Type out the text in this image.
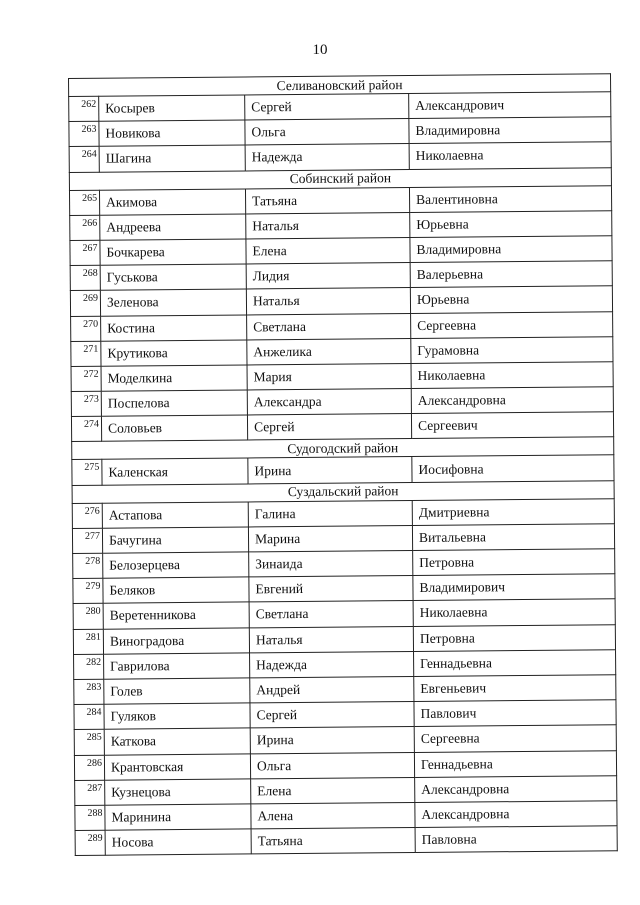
10
Селивановский район			
262	Косырев	Сергей	Александрович
263	Новикова	Ольга	Владимировна
264	Шагина	Надежда	Николаевна
Собинский район			
265	Акимова	Татьяна	Валентиновна
266	Андреева	Наталья	Юрьевна
267	Бочкарева	Елена	Владимировна
268	Гуськова	Лидия	Валерьевна
269	Зеленова	Наталья	Юрьевна
270	Костина	Светлана	Сергеевна
271	Крутикова	Анжелика	Гурамовна
272	Моделкина	Мария	Николаевна
273	Поспелова	Александра	Александровна
274	Соловьев	Сергей	Сергеевич
Судогодский район			
275	Каленская	Ирина	Иосифовна
Суздальский район			
276	Астапова	Галина	Дмитриевна
277	Бачугина	Марина	Витальевна
278	Белозерцева	Зинаида	Петровна
279	Беляков	Евгений	Владимирович
280	Веретенникова	Светлана	Николаевна
281	Виноградова	Наталья	Петровна
282	Гаврилова	Надежда	Геннадьевна
283	Голев	Андрей	Евгеньевич
284	Гуляков	Сергей	Павлович
285	Каткова	Ирина	Сергеевна
286	Крантовская	Ольга	Геннадьевна
287	Кузнецова	Елена	Александровна
288	Маринина	Алена	Александровна
289	Носова	Татьяна	Павловна
